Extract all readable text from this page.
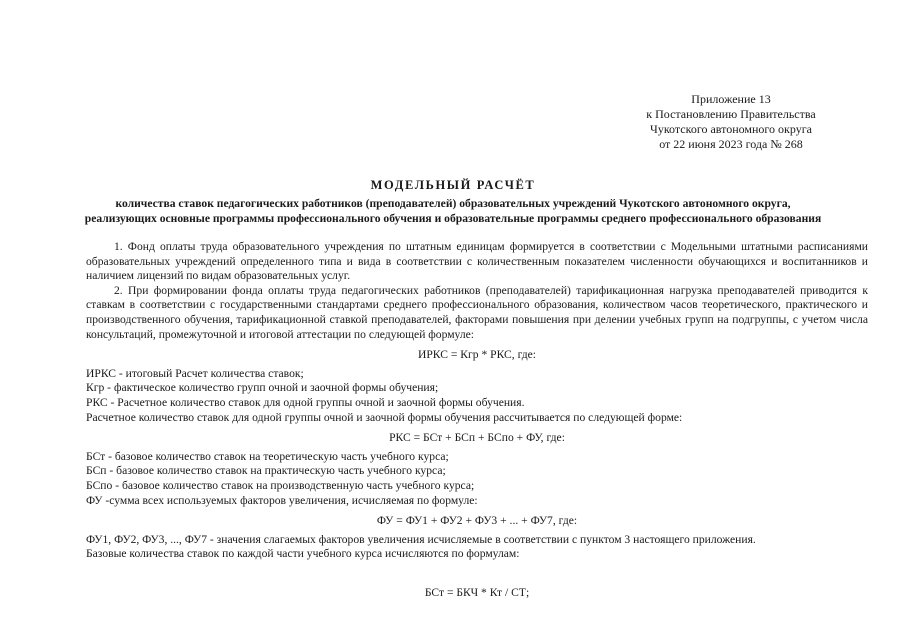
Приложение 13
к Постановлению Правительства
Чукотского автономного округа
от 22 июня 2023 года № 268
МОДЕЛЬНЫЙ РАСЧЁТ
количества ставок педагогических работников (преподавателей) образовательных учреждений Чукотского автономного округа,
реализующих основные программы профессионального обучения и образовательные программы среднего профессионального образования

1. Фонд оплаты труда образовательного учреждения по штатным единицам формируется в соответствии с Модельными штатными расписаниями образовательных учреждений определенного типа и вида в соответствии с количественным показателем численности обучающихся и воспитанников и наличием лицензий по видам образовательных услуг.

2. При формировании фонда оплаты труда педагогических работников (преподавателей) тарификационная нагрузка преподавателей приводится к ставкам в соответствии с государственными стандартами среднего профессионального образования, количеством часов теоретического, практического и производственного обучения, тарификационной ставкой преподавателей, факторами повышения при делении учебных групп на подгруппы, с учетом числа консультаций, промежуточной и итоговой аттестации по следующей формуле:

ИРКС = Кгр * РКС, где:

ИРКС - итоговый Расчет количества ставок;

Кгр - фактическое количество групп очной и заочной формы обучения;

РКС - Расчетное количество ставок для одной группы очной и заочной формы обучения.

Расчетное количество ставок для одной группы очной и заочной формы обучения рассчитывается по следующей форме:

РКС = БСт + БСп + БСпо + ФУ, где:

БСт - базовое количество ставок на теоретическую часть учебного курса;

БСп - базовое количество ставок на практическую часть учебного курса;

БСпо - базовое количество ставок на производственную часть учебного курса;

ФУ -сумма всех используемых факторов увеличения, исчисляемая по формуле:

ФУ = ФУ1 + ФУ2 + ФУ3 + ... + ФУ7, где:

ФУ1, ФУ2, ФУ3, ..., ФУ7 - значения слагаемых факторов увеличения исчисляемые в соответствии с пунктом 3 настоящего приложения.

Базовые количества ставок по каждой части учебного курса исчисляются по формулам:

БСт = БКЧ * Кт / СТ;
